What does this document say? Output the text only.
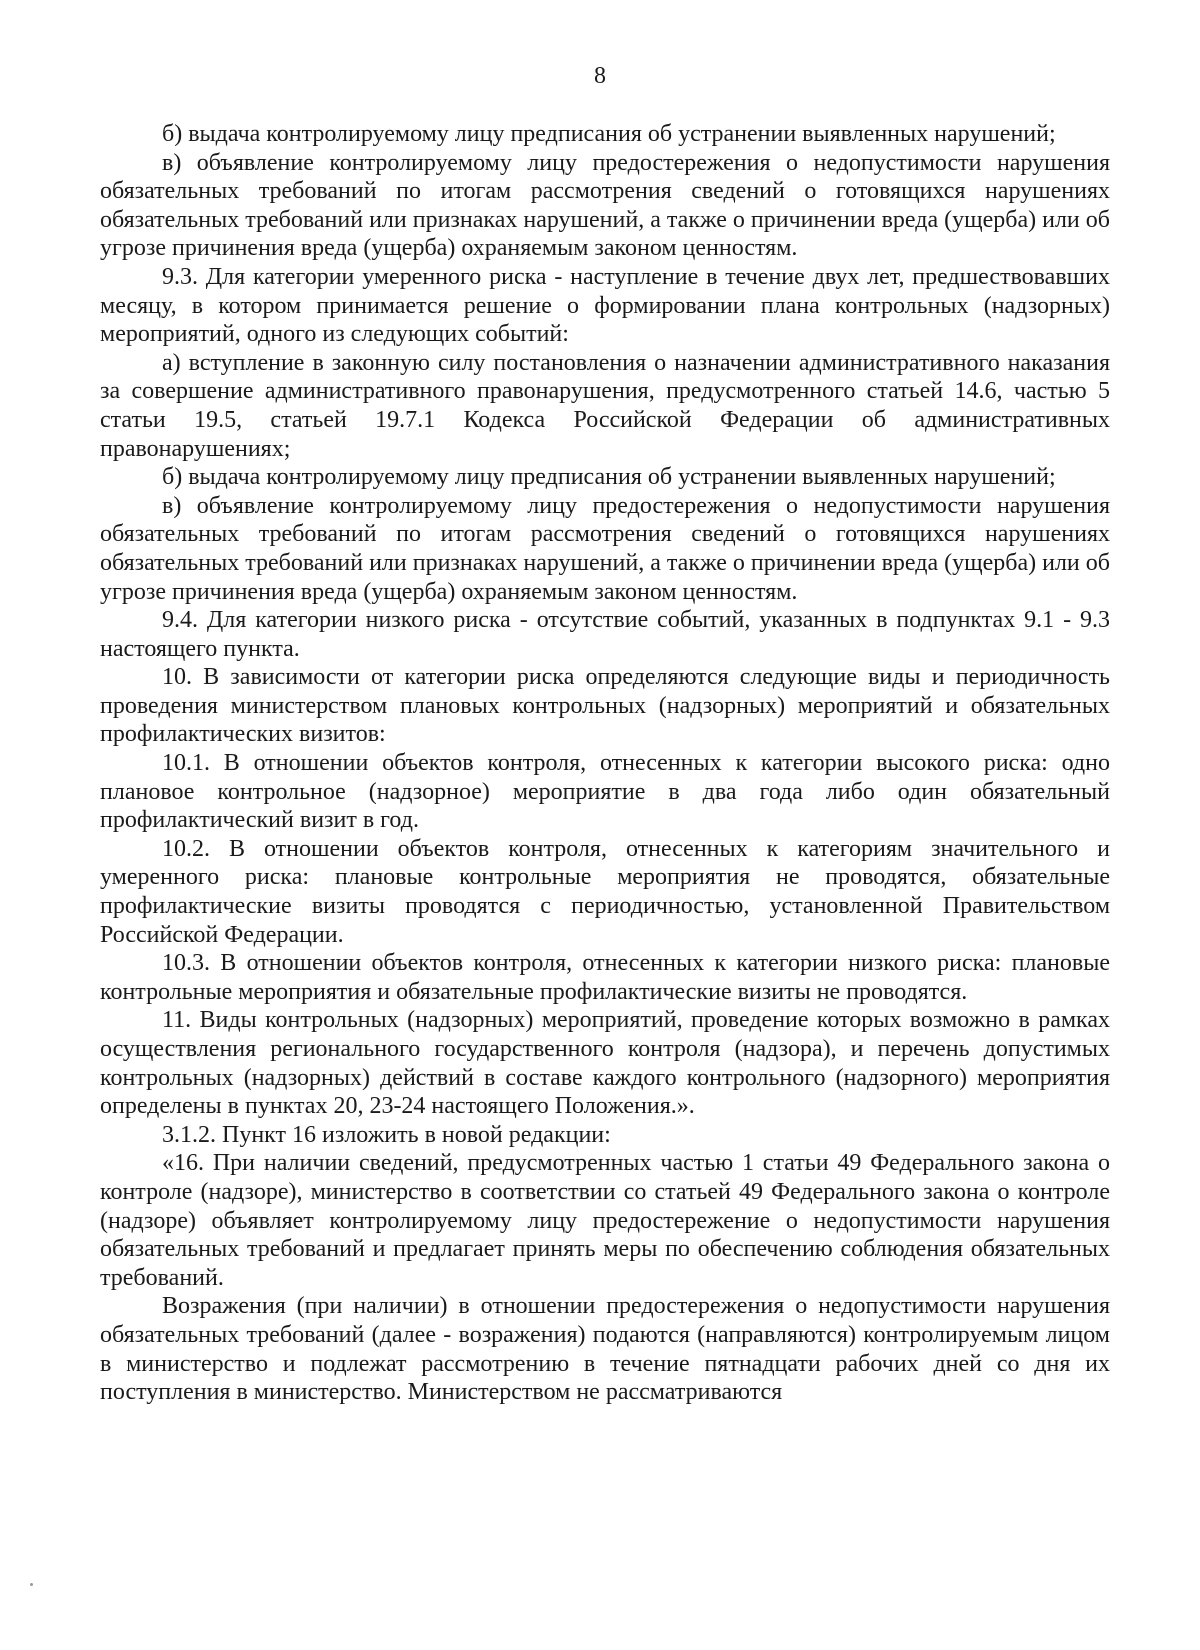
8

б) выдача контролируемому лицу предписания об устранении выявленных нарушений;

в) объявление контролируемому лицу предостережения о недопустимости нарушения обязательных требований по итогам рассмотрения сведений о готовящихся нарушениях обязательных требований или признаках нарушений, а также о причинении вреда (ущерба) или об угрозе причинения вреда (ущерба) охраняемым законом ценностям.

9.3. Для категории умеренного риска - наступление в течение двух лет, предшествовавших месяцу, в котором принимается решение о формировании плана контрольных (надзорных) мероприятий, одного из следующих событий:

а) вступление в законную силу постановления о назначении административного наказания за совершение административного правонарушения, предусмотренного статьей 14.6, частью 5 статьи 19.5, статьей 19.7.1 Кодекса Российской Федерации об административных правонарушениях;

б) выдача контролируемому лицу предписания об устранении выявленных нарушений;

в) объявление контролируемому лицу предостережения о недопустимости нарушения обязательных требований по итогам рассмотрения сведений о готовящихся нарушениях обязательных требований или признаках нарушений, а также о причинении вреда (ущерба) или об угрозе причинения вреда (ущерба) охраняемым законом ценностям.

9.4. Для категории низкого риска - отсутствие событий, указанных в подпунктах 9.1 - 9.3 настоящего пункта.

10. В зависимости от категории риска определяются следующие виды и периодичность проведения министерством плановых контрольных (надзорных) мероприятий и обязательных профилактических визитов:

10.1. В отношении объектов контроля, отнесенных к категории высокого риска: одно плановое контрольное (надзорное) мероприятие в два года либо один обязательный профилактический визит в год.

10.2. В отношении объектов контроля, отнесенных к категориям значительного и умеренного риска: плановые контрольные мероприятия не проводятся, обязательные профилактические визиты проводятся с периодичностью, установленной Правительством Российской Федерации.

10.3. В отношении объектов контроля, отнесенных к категории низкого риска: плановые контрольные мероприятия и обязательные профилактические визиты не проводятся.

11. Виды контрольных (надзорных) мероприятий, проведение которых возможно в рамках осуществления регионального государственного контроля (надзора), и перечень допустимых контрольных (надзорных) действий в составе каждого контрольного (надзорного) мероприятия определены в пунктах 20, 23-24 настоящего Положения.».

3.1.2. Пункт 16 изложить в новой редакции:

«16. При наличии сведений, предусмотренных частью 1 статьи 49 Федерального закона о контроле (надзоре), министерство в соответствии со статьей 49 Федерального закона о контроле (надзоре) объявляет контролируемому лицу предостережение о недопустимости нарушения обязательных требований и предлагает принять меры по обеспечению соблюдения обязательных требований.

Возражения (при наличии) в отношении предостережения о недопустимости нарушения обязательных требований (далее - возражения) подаются (направляются) контролируемым лицом в министерство и подлежат рассмотрению в течение пятнадцати рабочих дней со дня их поступления в министерство. Министерством не рассматриваются
